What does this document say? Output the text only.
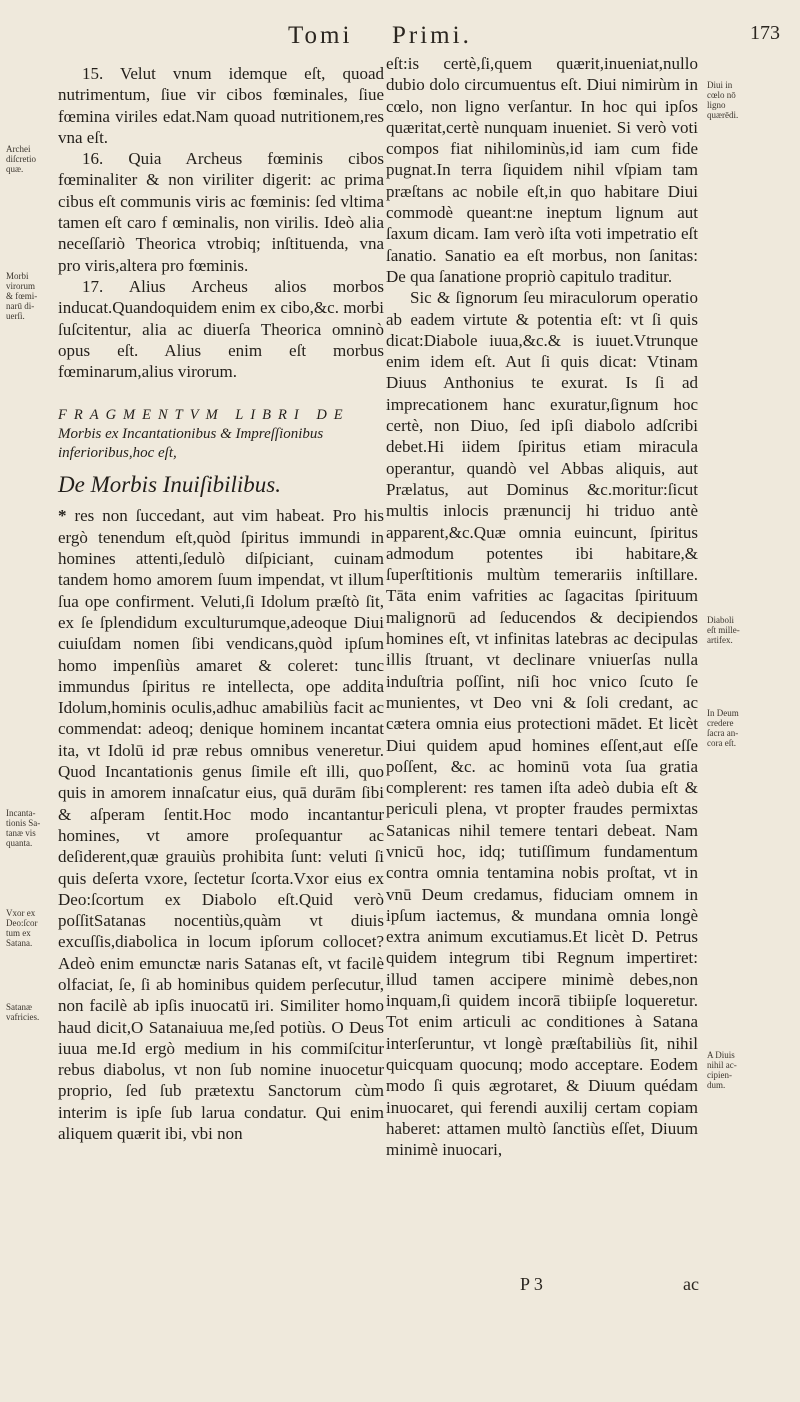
Tomi Primi.	173
Archei
diſcretio
quæ.
Morbi
virorum
& fœmi-
narū di-
uerſi.
Incanta-
tionis Sa-
tanæ vis
quanta.
Vxor ex
Deo:ſcor
tum ex
Satana.
Satanæ
vafricies.
Diui in
cœlo nō
ligno
quærēdi.
Diaboli
eſt mille-
artifex.
In Deum
credere
ſacra an-
cora eſt.
A Diuis
nihil ac-
cipien-
dum.

15. Velut vnum idemque eſt, quoad nutrimentum, ſiue vir cibos fœminales, ſiue fœmina viriles edat.Nam quoad nutritionem,res vna eſt.

16. Quia Archeus fœminis cibos fœminaliter & non viriliter digerit: ac prima cibus eſt communis viris ac fœminis: ſed vltima tamen eſt caro f œminalis, non virilis. Ideò alia neceſſariò Theorica vtrobiq; inſtituenda, vna pro viris,altera pro fœminis.

17. Alius Archeus alios morbos inducat.Quandoquidem enim ex cibo,&c. morbi ſuſcitentur, alia ac diuerſa Theorica omninò opus eſt. Alius enim eſt morbus fœminarum,alius virorum.

FRAGMENTVM LIBRI DE

Morbis ex Incantationibus & Impreſſionibus inferioribus,hoc eſt,

De Morbis Inuiſibilibus.

* res non ſuccedant, aut vim habeat. Pro his ergò tenendum eſt,quòd ſpiritus immundi in homines attenti,ſedulò diſpiciant, cuinam tandem homo amorem ſuum impendat, vt illum ſua ope confirment. Veluti,ſi Idolum præſtò ſit, ex ſe ſplendidum exculturumque,adeoque Diui cuiuſdam nomen ſibi vendicans,quòd ipſum homo impenſiùs amaret & coleret: tunc immundus ſpiritus re intellecta, ope addita Idolum,hominis oculis,adhuc amabiliùs facit ac commendat: adeoq; denique hominem incantat ita, vt Idolū id præ rebus omnibus veneretur. Quod Incantationis genus ſimile eſt illi, quo quis in amorem innaſcatur eius, quā durām ſibi & aſperam ſentit.Hoc modo incantantur homines, vt amore proſequantur ac deſiderent,quæ grauiùs prohibita ſunt: veluti ſi quis deſerta vxore, ſectetur ſcorta.Vxor eius ex Deo:ſcortum ex Diabolo eſt.Quid verò poſſitSatanas nocentiùs,quàm vt diuis excuſſis,diabolica in locum ipſorum collocet? Adeò enim emunctæ naris Satanas eſt, vt facilè olfaciat, ſe, ſi ab hominibus quidem perſecutur, non facilè ab ipſis inuocatū iri. Similiter homo haud dicit,O Satanaiuua me,ſed potiùs. O Deus iuua me.Id ergò medium in his commiſcitur rebus diabolus, vt non ſub nomine inuocetur proprio, ſed ſub prætextu Sanctorum cùm interim is ipſe ſub larua condatur. Qui enim aliquem quærit ibi, vbi non

eſt:is certè,ſi,quem quærit,inueniat,nullo dubio dolo circumuentus eſt. Diui nimirùm in cœlo, non ligno verſantur. In hoc qui ipſos quæritat,certè nunquam inueniet. Si verò voti compos fiat nihilominùs,id iam cum fide pugnat.In terra ſiquidem nihil vſpiam tam præſtans ac nobile eſt,in quo habitare Diui commodè queant:ne ineptum lignum aut ſaxum dicam. Iam verò iſta voti impetratio eſt ſanatio. Sanatio ea eſt morbus, non ſanitas: De qua ſanatione propriò capitulo traditur.

Sic & ſignorum ſeu miraculorum operatio ab eadem virtute & potentia eſt: vt ſi quis dicat:Diabole iuua,&c.& is iuuet.Vtrunque enim idem eſt. Aut ſi quis dicat: Vtinam Diuus Anthonius te exurat. Is ſi ad imprecationem hanc exuratur,ſignum hoc certè, non Diuo, ſed ipſi diabolo adſcribi debet.Hi iidem ſpiritus etiam miracula operantur, quandò vel Abbas aliquis, aut Prælatus, aut Dominus &c.moritur:ſicut multis inlocis prænuncij hi triduo antè apparent,&c.Quæ omnia euincunt, ſpiritus admodum potentes ibi habitare,& ſuperſtitionis multùm temerariis inſtillare. Tāta enim vafrities ac ſagacitas ſpirituum malignorū ad ſeducendos & decipiendos homines eſt, vt infinitas latebras ac decipulas illis ſtruant, vt declinare vniuerſas nulla induſtria poſſint, niſi hoc vnico ſcuto ſe munientes, vt Deo vni & ſoli credant, ac cætera omnia eius protectioni mādet. Et licèt Diui quidem apud homines eſſent,aut eſſe poſſent, &c. ac hominū vota ſua gratia complerent: res tamen iſta adeò dubia eſt & periculi plena, vt propter fraudes permixtas Satanicas nihil temere tentari debeat. Nam vnicū hoc, idq; tutiſſimum fundamentum contra omnia tentamina nobis proſtat, vt in vnū Deum credamus, fiduciam omnem in ipſum iactemus, & mundana omnia longè extra animum excutiamus.Et licèt D. Petrus quidem integrum tibi Regnum impertiret: illud tamen accipere minimè debes,non inquam,ſi quidem incorā tibiipſe loqueretur. Tot enim articuli ac conditiones à Satana interſeruntur, vt longè præſtabiliùs ſit, nihil quicquam quocunq; modo acceptare. Eodem modo ſi quis ægrotaret, & Diuum quédam inuocaret, qui ferendi auxilij certam copiam haberet: attamen multò ſanctiùs eſſet, Diuum minimè inuocari,

P 3	ac
